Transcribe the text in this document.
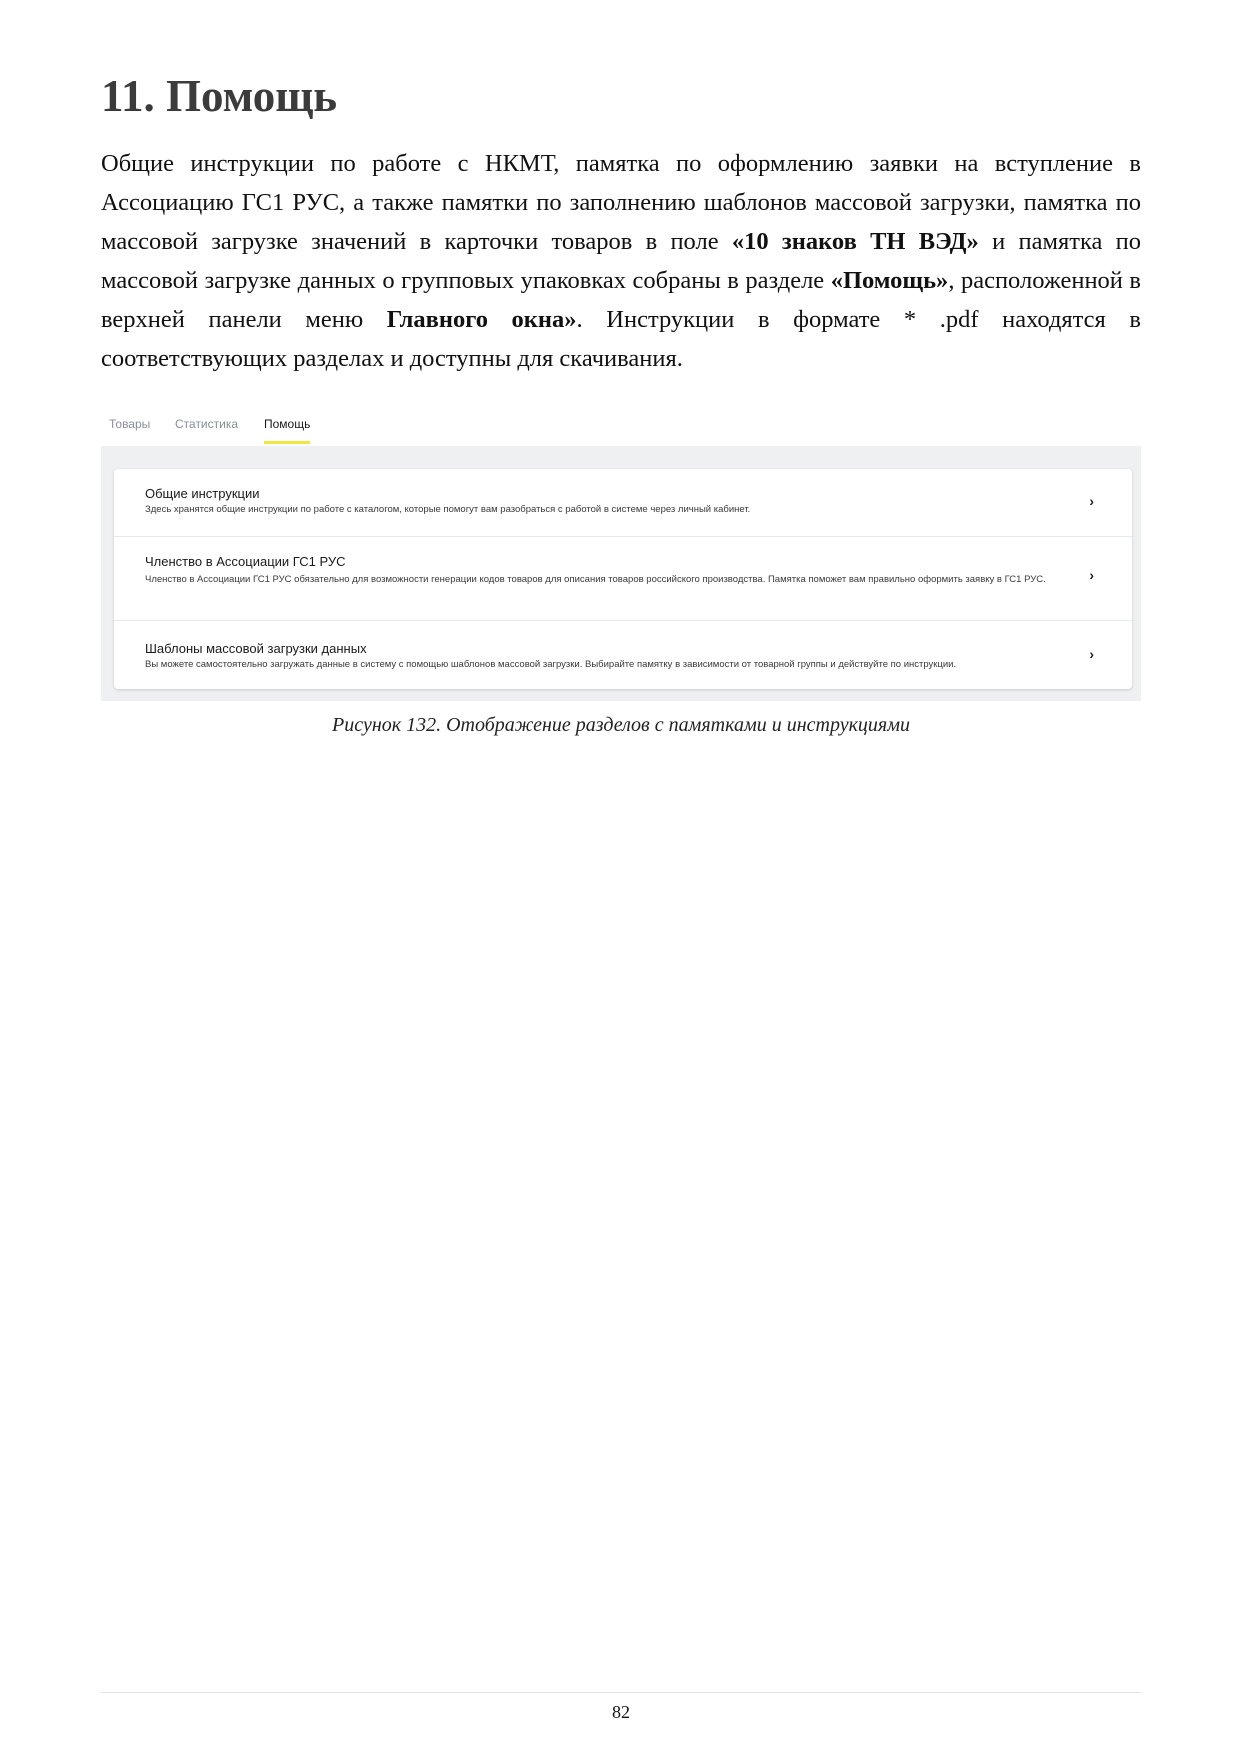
11. Помощь

Общие инструкции по работе с НКМТ, памятка по оформлению заявки на вступление в Ассоциацию ГС1 РУС, а также памятки по заполнению шаблонов массовой загрузки, памятка по массовой загрузке значений в карточки товаров в поле «10 знаков ТН ВЭД» и памятка по массовой загрузке данных о групповых упаковках собраны в разделе «Помощь», расположенной в верхней панели меню Главного окна». Инструкции в формате * .pdf находятся в соответствующих разделах и доступны для скачивания.

Товары Статистика Помощь
Общие инструкции
Здесь хранятся общие инструкции по работе с каталогом, которые помогут вам разобраться с работой в системе через личный кабинет.
›
Членство в Ассоциации ГС1 РУС
Членство в Ассоциации ГС1 РУС обязательно для возможности генерации кодов товаров для описания товаров российского производства. Памятка поможет вам правильно оформить заявку в ГС1 РУС.	›
Шаблоны массовой загрузки данных
Вы можете самостоятельно загружать данные в систему с помощью шаблонов массовой загрузки. Выбирайте памятку в зависимости от товарной группы и действуйте по инструкции.
›
Рисунок 132. Отображение разделов с памятками и инструкциями
82
